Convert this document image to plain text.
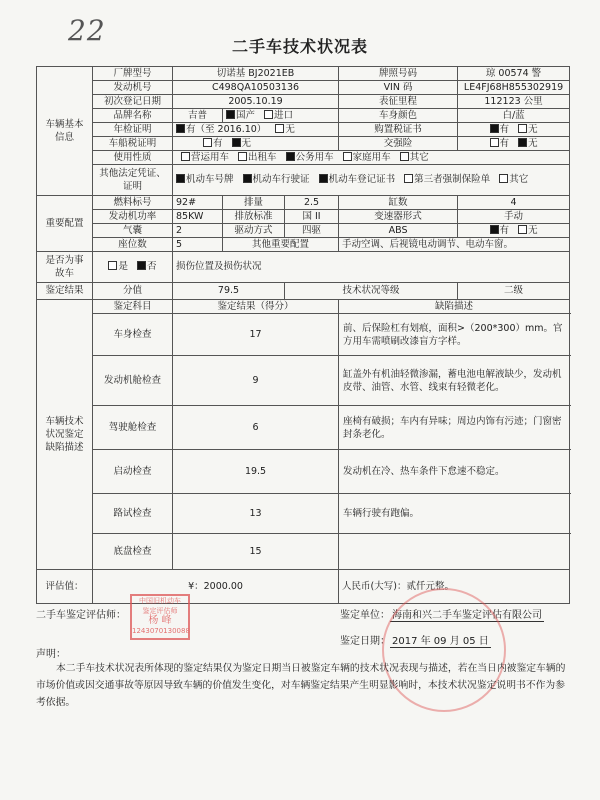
22	二手车技术状况表
车辆基本信息	厂牌型号	切诺基 BJ2021EB			牌照号码	琼 00574 警
	发动机号	C498QA10503136			VIN 码	LE4FJ68H855302919
	初次登记日期	2005.10.19			表征里程	112123 公里
	品牌名称	吉普	国产 进口		车身颜色	白/蓝
	年检证明	有（至 2016.10） 无			购置税证书	有 无
	车船税证明	有 无			交强险	有 无
	使用性质	营运用车 出租车 公务用车 家庭用车 其它				
	其他法定凭证、证明	机动车号牌 机动车行驶证 机动车登记证书 第三者强制保险单 其它				
重要配置	燃料标号	92#	排量	2.5	缸数	4
	发动机功率	85KW	排放标准	国 II	变速器形式	手动
	气囊	2	驱动方式	四驱	ABS	有 无
	座位数	5	其他重要配置		手动空调、后视镜电动调节、电动车窗。	
是否为事故车	是 否	损伤位置及损伤状况				
鉴定结果	分值	79.5		技术状况等级		二级
车辆技术状况鉴定缺陷描述	鉴定科目	鉴定结果（得分）			缺陷描述	
	车身检查	17			前、后保险杠有划痕，面积>（200*300）mm。官方用车需喷刷改漆盲方字样。	
	发动机舱检查	9			缸盖外有机油轻微渗漏，蓄电池电解液缺少，发动机皮带、油管、水管、线束有轻微老化。	
	驾驶舱检查	6			座椅有破损；车内有异味；周边内饰有污迹；门窗密封条老化。	
	启动检查	19.5			发动机在冷、热车条件下怠速不稳定。	
	路试检查	13			车辆行驶有跑偏。	
	底盘检查	15				
评估值：	¥：2000.00				人民币(大写)：贰仟元整。	
二手车鉴定评估师：
中国旧机动车
鉴定评估师
杨 峰
1243070130088
鉴定单位： 海南和兴二手车鉴定评估有限公司
鉴定日期： 2017 年 09 月 05 日
声明：
本二手车技术状况表所体现的鉴定结果仅为鉴定日期当日被鉴定车辆的技术状况表现与描述，若在当日内被鉴定车辆的市场价值或因交通事故等原因导致车辆的价值发生变化，对车辆鉴定结果产生明显影响时，本技术状况鉴定说明书不作为参考依据。
